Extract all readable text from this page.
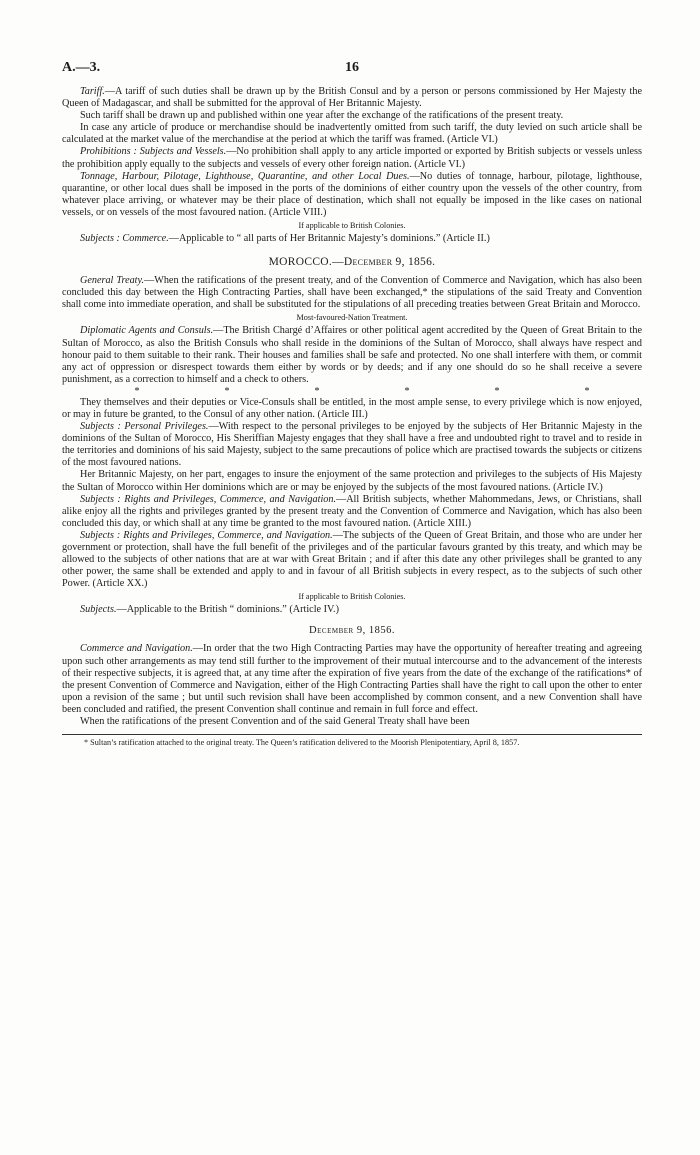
A.—3.	16

Tariff.—A tariff of such duties shall be drawn up by the British Consul and by a person or persons commissioned by Her Majesty the Queen of Madagascar, and shall be submitted for the approval of Her Britannic Majesty.

Such tariff shall be drawn up and published within one year after the exchange of the ratifications of the present treaty.

In case any article of produce or merchandise should be inadvertently omitted from such tariff, the duty levied on such article shall be calculated at the market value of the merchandise at the period at which the tariff was framed. (Article VI.)

Prohibitions : Subjects and Vessels.—No prohibition shall apply to any article imported or exported by British subjects or vessels unless the prohibition apply equally to the subjects and vessels of every other foreign nation. (Article VI.)

Tonnage, Harbour, Pilotage, Lighthouse, Quarantine, and other Local Dues.—No duties of tonnage, harbour, pilotage, lighthouse, quarantine, or other local dues shall be imposed in the ports of the dominions of either country upon the vessels of the other country, from whatever place arriving, or whatever may be their place of destination, which shall not equally be imposed in the like cases on national vessels, or on vessels of the most favoured nation. (Article VIII.)

If applicable to British Colonies.

Subjects : Commerce.—Applicable to “ all parts of Her Britannic Majesty’s dominions.” (Article II.)

MOROCCO.—December 9, 1856.

General Treaty.—When the ratifications of the present treaty, and of the Convention of Commerce and Navigation, which has also been concluded this day between the High Contracting Parties, shall have been exchanged,* the stipulations of the said Treaty and Convention shall come into immediate operation, and shall be substituted for the stipulations of all preceding treaties between Great Britain and Morocco.

Most-favoured-Nation Treatment.

Diplomatic Agents and Consuls.—The British Chargé d’Affaires or other political agent accredited by the Queen of Great Britain to the Sultan of Morocco, as also the British Consuls who shall reside in the dominions of the Sultan of Morocco, shall always have respect and honour paid to them suitable to their rank. Their houses and families shall be safe and protected. No one shall interfere with them, or commit any act of oppression or disrespect towards them either by words or by deeds; and if any one should do so he shall receive a severe punishment, as a correction to himself and a check to others.

*	*	*	*	*	*

They themselves and their deputies or Vice-Consuls shall be entitled, in the most ample sense, to every privilege which is now enjoyed, or may in future be granted, to the Consul of any other nation. (Article III.)

Subjects : Personal Privileges.—With respect to the personal privileges to be enjoyed by the subjects of Her Britannic Majesty in the dominions of the Sultan of Morocco, His Sheriffian Majesty engages that they shall have a free and undoubted right to travel and to reside in the territories and dominions of his said Majesty, subject to the same precautions of police which are practised towards the subjects or citizens of the most favoured nations.

Her Britannic Majesty, on her part, engages to insure the enjoyment of the same protection and privileges to the subjects of His Majesty the Sultan of Morocco within Her dominions which are or may be enjoyed by the subjects of the most favoured nations. (Article IV.)

Subjects : Rights and Privileges, Commerce, and Navigation.—All British subjects, whether Mahommedans, Jews, or Christians, shall alike enjoy all the rights and privileges granted by the present treaty and the Convention of Commerce and Navigation, which has also been concluded this day, or which shall at any time be granted to the most favoured nation. (Article XIII.)

Subjects : Rights and Privileges, Commerce, and Navigation.—The subjects of the Queen of Great Britain, and those who are under her government or protection, shall have the full benefit of the privileges and of the particular favours granted by this treaty, and which may be allowed to the subjects of other nations that are at war with Great Britain ; and if after this date any other privileges shall be granted to any other power, the same shall be extended and apply to and in favour of all British subjects in every respect, as to the subjects of such other Power. (Article XX.)

If applicable to British Colonies.

Subjects.—Applicable to the British “ dominions.” (Article IV.)

December 9, 1856.

Commerce and Navigation.—In order that the two High Contracting Parties may have the opportunity of hereafter treating and agreeing upon such other arrangements as may tend still further to the improvement of their mutual intercourse and to the advancement of the interests of their respective subjects, it is agreed that, at any time after the expiration of five years from the date of the exchange of the ratifications* of the present Convention of Commerce and Navigation, either of the High Contracting Parties shall have the right to call upon the other to enter upon a revision of the same ; but until such revision shall have been accomplished by common consent, and a new Convention shall have been concluded and ratified, the present Convention shall continue and remain in full force and effect.

When the ratifications of the present Convention and of the said General Treaty shall have been

* Sultan’s ratification attached to the original treaty. The Queen’s ratification delivered to the Moorish Plenipotentiary, April 8, 1857.
